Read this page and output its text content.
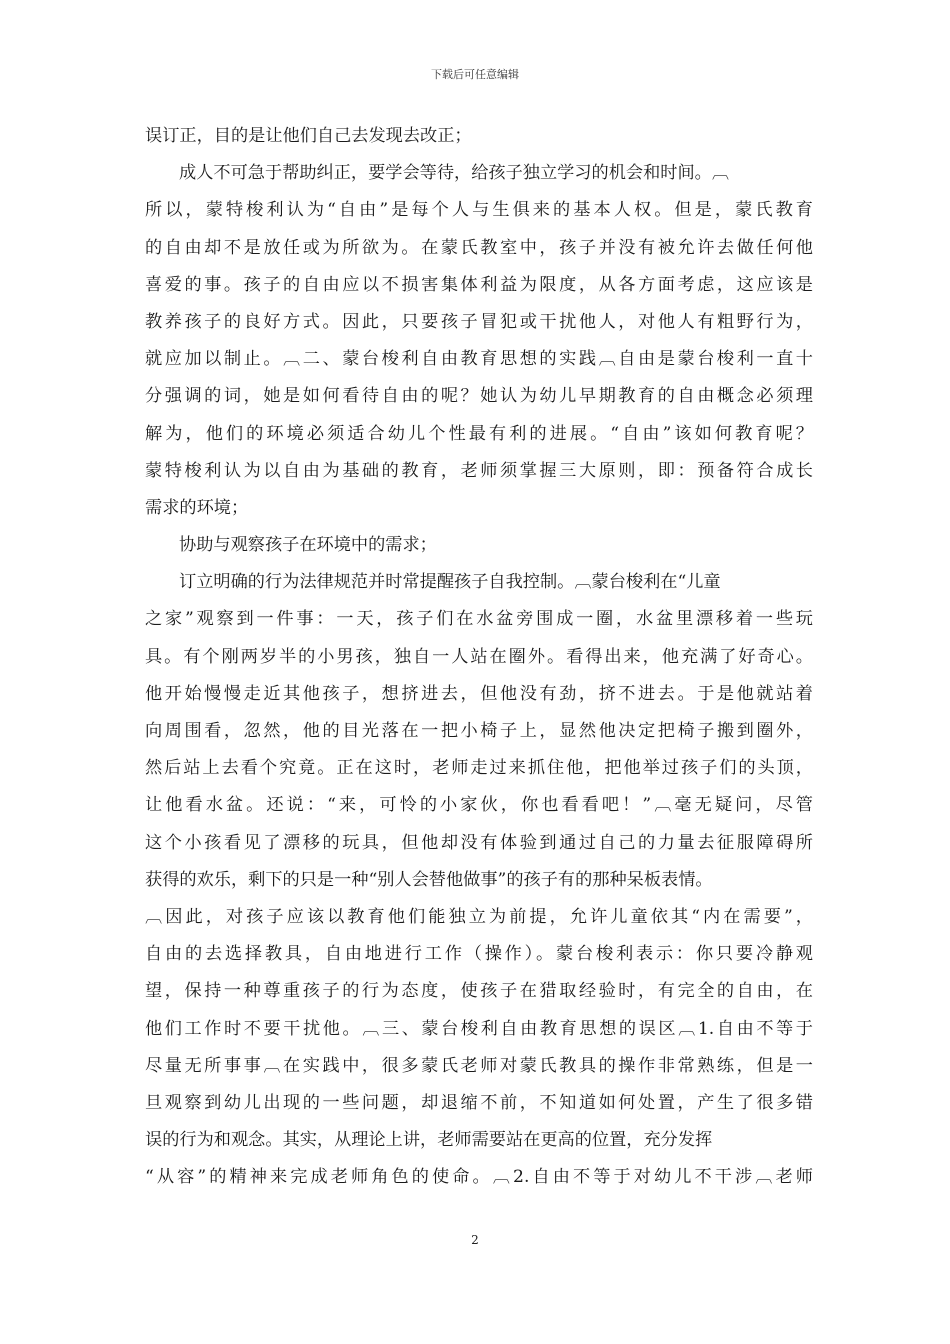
下载后可任意编辑
误订正，目的是让他们自己去发现去改正；
成人不可急于帮助纠正，要学会等待，给孩子独立学习的机会和时间。︹
所以，蒙特梭利认为“自由”是每个人与生俱来的基本人权。但是，蒙氏教育
的自由却不是放任或为所欲为。在蒙氏教室中，孩子并没有被允许去做任何他
喜爱的事。孩子的自由应以不损害集体利益为限度，从各方面考虑，这应该是
教养孩子的良好方式。因此，只要孩子冒犯或干扰他人，对他人有粗野行为，
就应加以制止。︹二、蒙台梭利自由教育思想的实践︹自由是蒙台梭利一直十
分强调的词，她是如何看待自由的呢？她认为幼儿早期教育的自由概念必须理
解为，他们的环境必须适合幼儿个性最有利的进展。“自由”该如何教育呢？
蒙特梭利认为以自由为基础的教育，老师须掌握三大原则，即：预备符合成长
需求的环境；
协助与观察孩子在环境中的需求；
订立明确的行为法律规范并时常提醒孩子自我控制。︹蒙台梭利在“儿童
之家”观察到一件事：一天，孩子们在水盆旁围成一圈，水盆里漂移着一些玩
具。有个刚两岁半的小男孩，独自一人站在圈外。看得出来，他充满了好奇心。
他开始慢慢走近其他孩子，想挤进去，但他没有劲，挤不进去。于是他就站着
向周围看，忽然，他的目光落在一把小椅子上，显然他决定把椅子搬到圈外，
然后站上去看个究竟。正在这时，老师走过来抓住他，把他举过孩子们的头顶，
让他看水盆。还说：“来，可怜的小家伙，你也看看吧！”︹毫无疑问，尽管
这个小孩看见了漂移的玩具，但他却没有体验到通过自己的力量去征服障碍所
获得的欢乐，剩下的只是一种“别人会替他做事”的孩子有的那种呆板表情。
︹因此，对孩子应该以教育他们能独立为前提，允许儿童依其“内在需要”，
自由的去选择教具，自由地进行工作（操作）。蒙台梭利表示：你只要冷静观
望，保持一种尊重孩子的行为态度，使孩子在猎取经验时，有完全的自由，在
他们工作时不要干扰他。︹三、蒙台梭利自由教育思想的误区︹1.自由不等于
尽量无所事事︹在实践中，很多蒙氏老师对蒙氏教具的操作非常熟练，但是一
旦观察到幼儿出现的一些问题，却退缩不前，不知道如何处置，产生了很多错
误的行为和观念。其实，从理论上讲，老师需要站在更高的位置，充分发挥
“从容”的精神来完成老师角色的使命。︹2.自由不等于对幼儿不干涉︹老师
2
